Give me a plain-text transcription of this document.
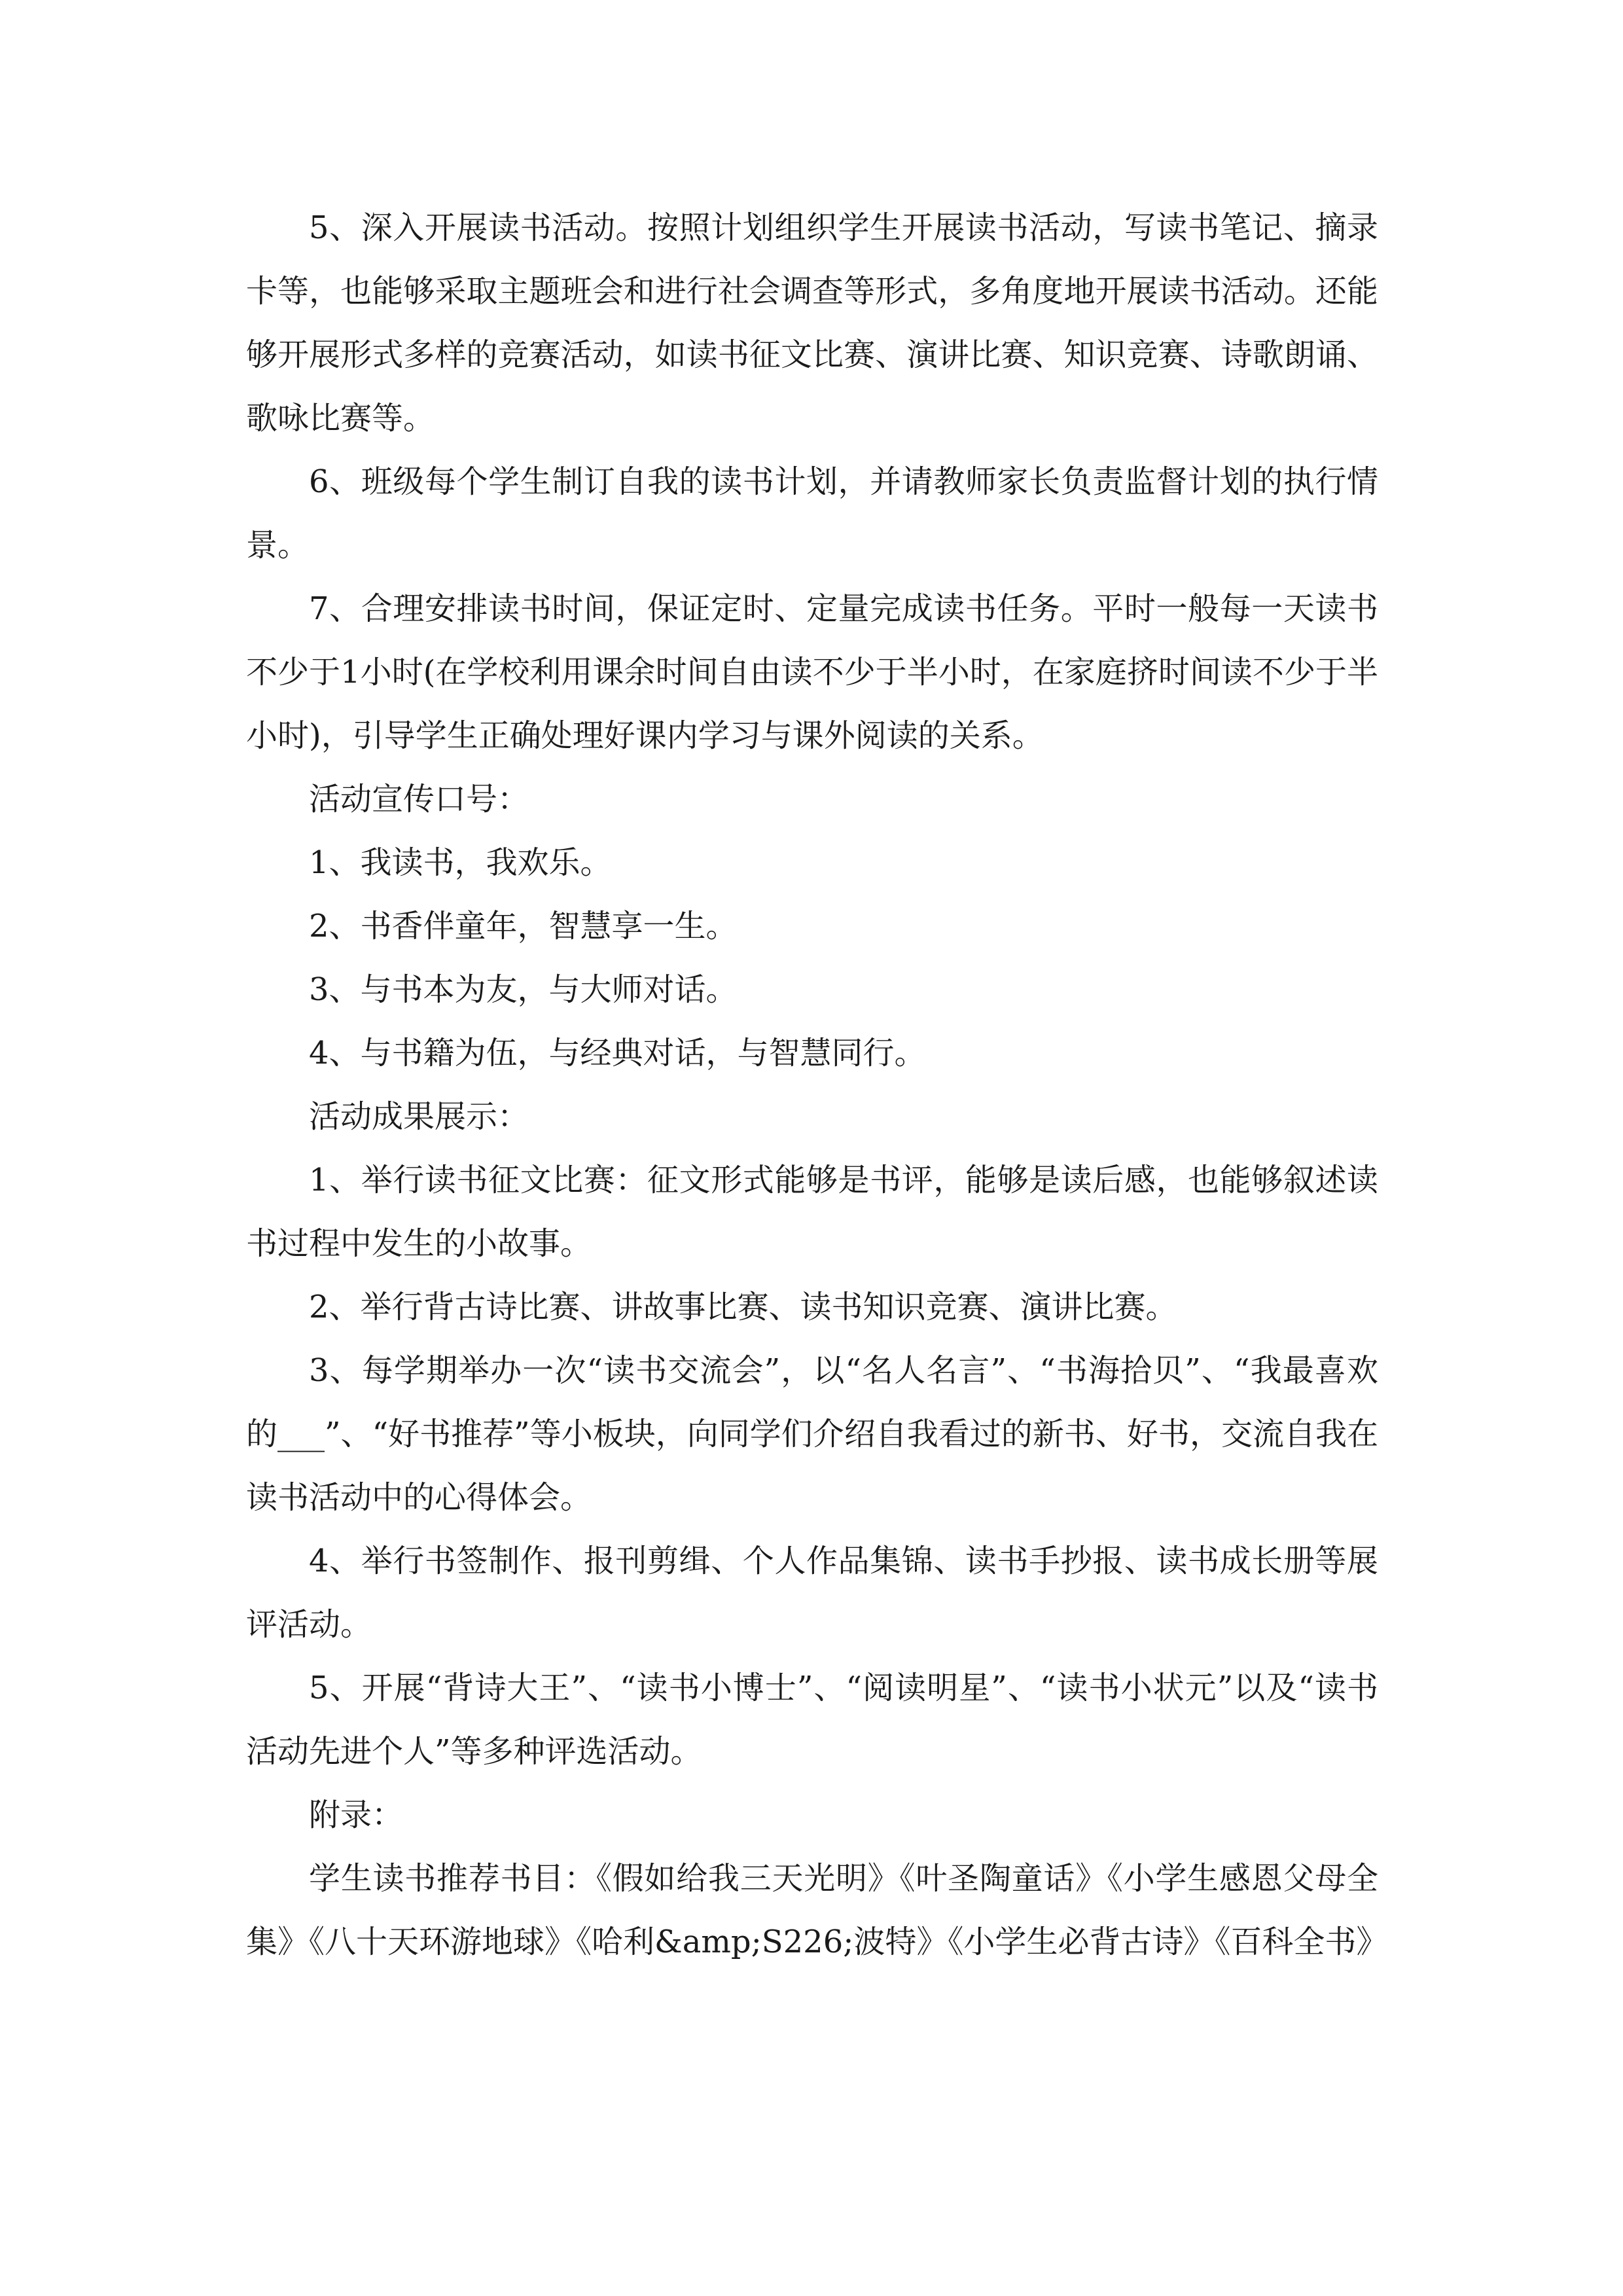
5、深入开展读书活动。按照计划组织学生开展读书活动，写读书笔记、摘录卡等，也能够采取主题班会和进行社会调查等形式，多角度地开展读书活动。还能够开展形式多样的竞赛活动，如读书征文比赛、演讲比赛、知识竞赛、诗歌朗诵、歌咏比赛等。

6、班级每个学生制订自我的读书计划，并请教师家长负责监督计划的执行情景。

7、合理安排读书时间，保证定时、定量完成读书任务。平时一般每一天读书不少于1小时(在学校利用课余时间自由读不少于半小时，在家庭挤时间读不少于半小时)，引导学生正确处理好课内学习与课外阅读的关系。

活动宣传口号：

1、我读书，我欢乐。

2、书香伴童年，智慧享一生。

3、与书本为友，与大师对话。

4、与书籍为伍，与经典对话，与智慧同行。

活动成果展示：

1、举行读书征文比赛：征文形式能够是书评，能够是读后感，也能够叙述读书过程中发生的小故事。

2、举行背古诗比赛、讲故事比赛、读书知识竞赛、演讲比赛。

3、每学期举办一次“读书交流会”，以“名人名言”、“书海拾贝”、“我最喜欢的___”、“好书推荐”等小板块，向同学们介绍自我看过的新书、好书，交流自我在读书活动中的心得体会。

4、举行书签制作、报刊剪缉、个人作品集锦、读书手抄报、读书成长册等展评活动。

5、开展“背诗大王”、“读书小博士”、“阅读明星”、“读书小状元”以及“读书活动先进个人”等多种评选活动。

附录：

学生读书推荐书目：《假如给我三天光明》《叶圣陶童话》《小学生感恩父母全集》《八十天环游地球》《哈利&amp;S226;波特》《小学生必背古诗》《百科全书》
